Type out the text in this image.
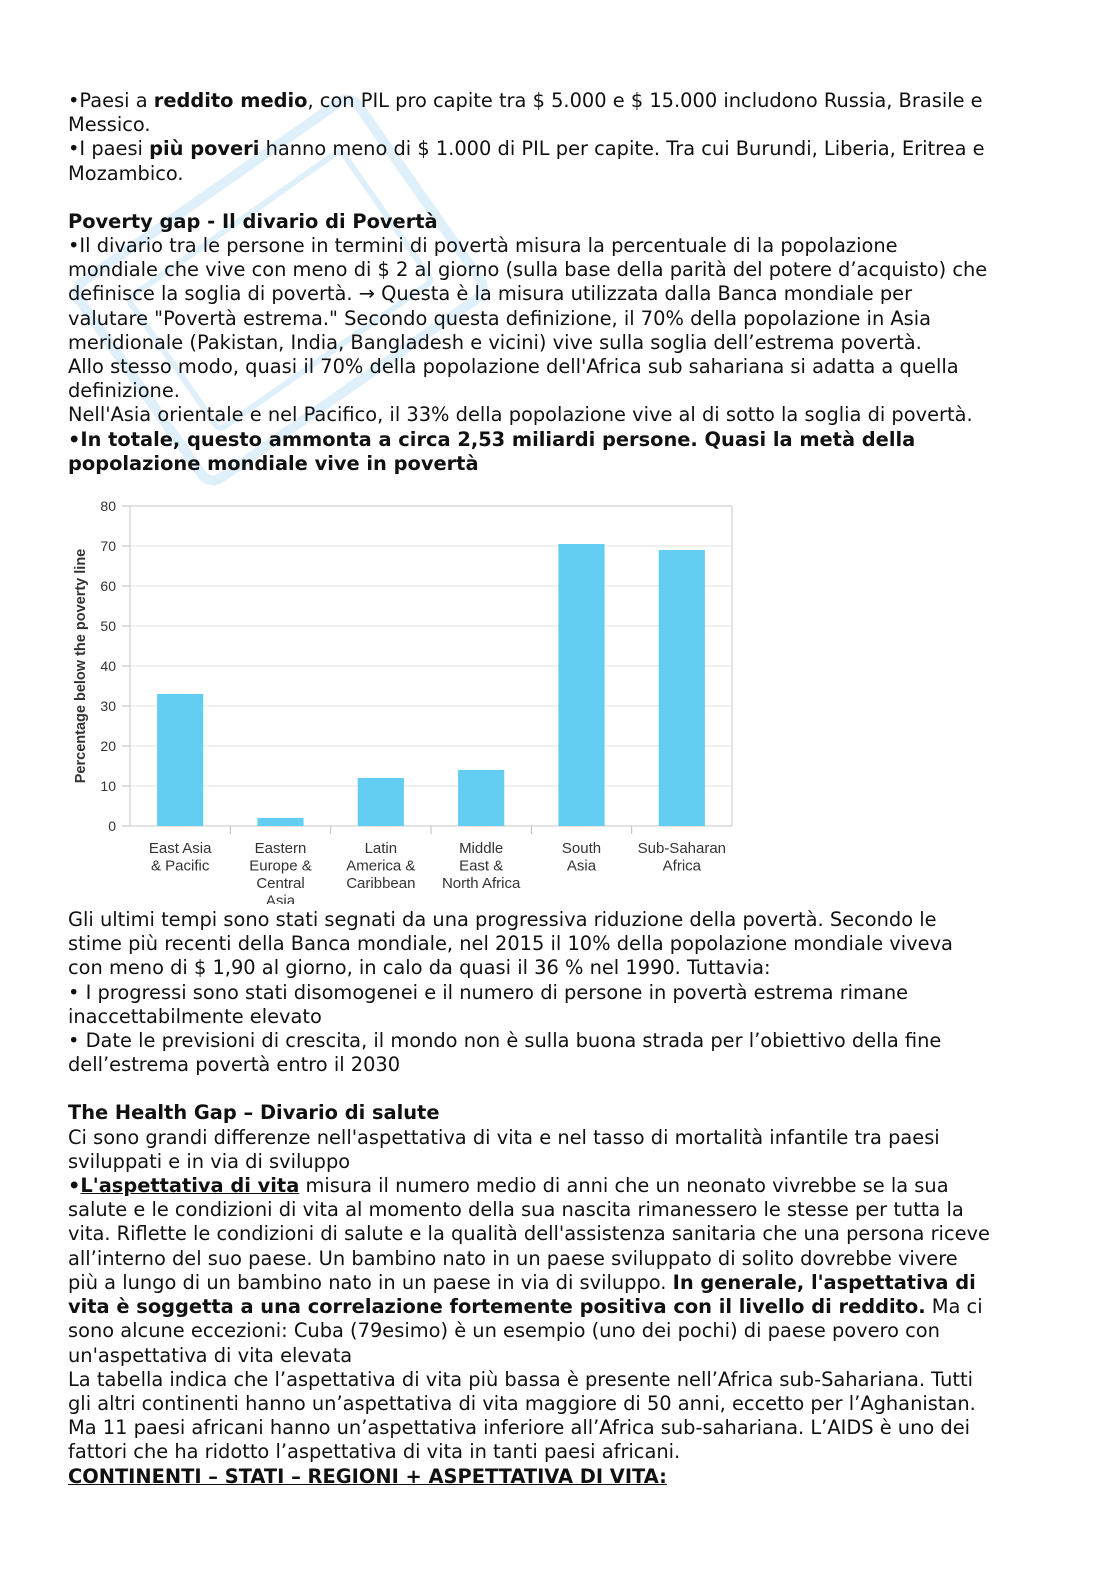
•Paesi a reddito medio, con PIL pro capite tra $ 5.000 e $ 15.000 includono Russia, Brasile e
Messico.
•I paesi più poveri hanno meno di $ 1.000 di PIL per capite. Tra cui Burundi, Liberia, Eritrea e
Mozambico.
Poverty gap - Il divario di Povertà
•Il divario tra le persone in termini di povertà misura la percentuale di la popolazione
mondiale che vive con meno di $ 2 al giorno (sulla base della parità del potere d’acquisto) che
definisce la soglia di povertà. → Questa è la misura utilizzata dalla Banca mondiale per
valutare "Povertà estrema." Secondo questa definizione, il 70% della popolazione in Asia
meridionale (Pakistan, India, Bangladesh e vicini) vive sulla soglia dell’estrema povertà.
Allo stesso modo, quasi il 70% della popolazione dell'Africa sub sahariana si adatta a quella
definizione.
Nell'Asia orientale e nel Pacifico, il 33% della popolazione vive al di sotto la soglia di povertà.
•In totale, questo ammonta a circa 2,53 miliardi persone. Quasi la metà della
popolazione mondiale vive in povertà
0
10
20
30
40
50
60
70
80
Percentage below the poverty line
East Asia
& Pacific
Eastern
Europe &
Central
Asia
Latin
America &
Caribbean
Middle
East &
North Africa
South
Asia
Sub-Saharan
Africa
Gli ultimi tempi sono stati segnati da una progressiva riduzione della povertà. Secondo le
stime più recenti della Banca mondiale, nel 2015 il 10% della popolazione mondiale viveva
con meno di $ 1,90 al giorno, in calo da quasi il 36 % nel 1990. Tuttavia:
• I progressi sono stati disomogenei e il numero di persone in povertà estrema rimane
inaccettabilmente elevato
• Date le previsioni di crescita, il mondo non è sulla buona strada per l’obiettivo della fine
dell’estrema povertà entro il 2030
The Health Gap – Divario di salute
Ci sono grandi differenze nell'aspettativa di vita e nel tasso di mortalità infantile tra paesi
sviluppati e in via di sviluppo
•L'aspettativa di vita misura il numero medio di anni che un neonato vivrebbe se la sua
salute e le condizioni di vita al momento della sua nascita rimanessero le stesse per tutta la
vita. Riflette le condizioni di salute e la qualità dell'assistenza sanitaria che una persona riceve
all’interno del suo paese. Un bambino nato in un paese sviluppato di solito dovrebbe vivere
più a lungo di un bambino nato in un paese in via di sviluppo. In generale, l'aspettativa di
vita è soggetta a una correlazione fortemente positiva con il livello di reddito. Ma ci
sono alcune eccezioni: Cuba (79esimo) è un esempio (uno dei pochi) di paese povero con
un'aspettativa di vita elevata
La tabella indica che l’aspettativa di vita più bassa è presente nell’Africa sub-Sahariana. Tutti
gli altri continenti hanno un’aspettativa di vita maggiore di 50 anni, eccetto per l’Aghanistan.
Ma 11 paesi africani hanno un’aspettativa inferiore all’Africa sub-sahariana. L’AIDS è uno dei
fattori che ha ridotto l’aspettativa di vita in tanti paesi africani.
CONTINENTI – STATI – REGIONI + ASPETTATIVA DI VITA:
